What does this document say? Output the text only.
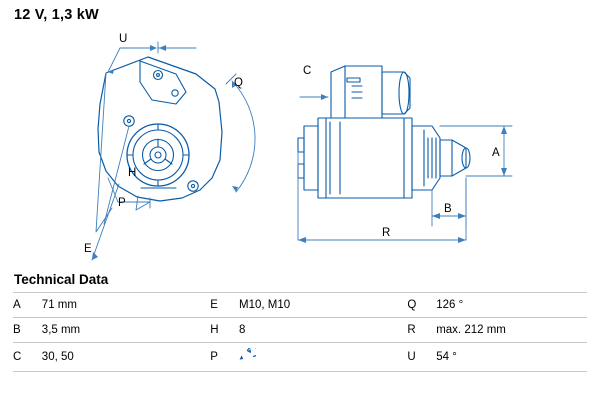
12 V, 1,3 kW
U
Q
H
P
E
C
A
B
R
Technical Data
A	71 mm		E	M10, M10		Q	126 °
B	3,5 mm		H	8		R	max. 212 mm
C	30, 50		P			U	54 °
